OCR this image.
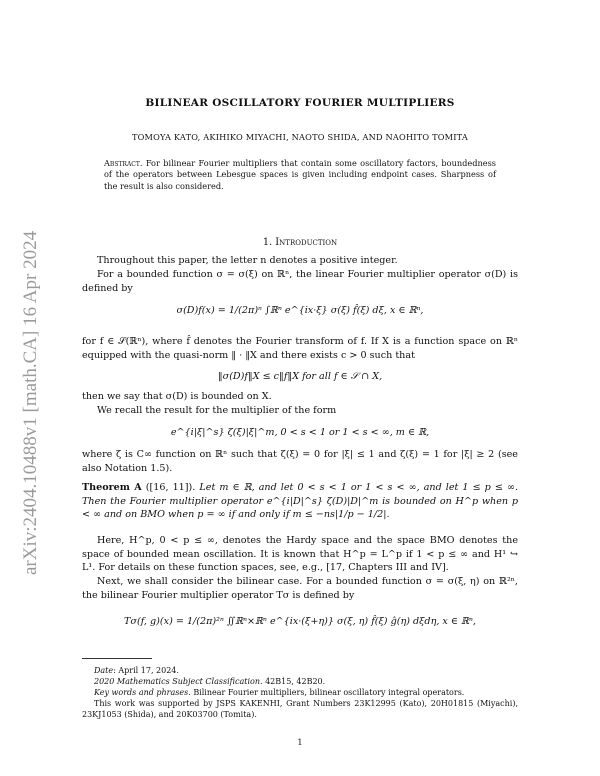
arXiv:2404.10488v1 [math.CA] 16 Apr 2024
BILINEAR OSCILLATORY FOURIER MULTIPLIERS
TOMOYA KATO, AKIHIKO MIYACHI, NAOTO SHIDA, AND NAOHITO TOMITA
Abstract. For bilinear Fourier multipliers that contain some oscillatory factors, boundedness of the operators between Lebesgue spaces is given including endpoint cases. Sharpness of the result is also considered.
1. Introduction
Throughout this paper, the letter n denotes a positive integer.
For a bounded function σ = σ(ξ) on ℝⁿ, the linear Fourier multiplier operator σ(D) is defined by
σ(D)f(x) = 1/(2π)ⁿ ∫ℝⁿ e^{ix·ξ} σ(ξ) f̂(ξ) dξ, x ∈ ℝⁿ,
for f ∈ 𝒮(ℝⁿ), where f̂ denotes the Fourier transform of f. If X is a function space on ℝⁿ equipped with the quasi-norm ‖ · ‖X and there exists c > 0 such that
‖σ(D)f‖X ≤ c‖f‖X for all f ∈ 𝒮 ∩ X,
then we say that σ(D) is bounded on X.
We recall the result for the multiplier of the form
e^{i|ξ|^s} ζ(ξ)|ξ|^m, 0 < s < 1 or 1 < s < ∞, m ∈ ℝ,
where ζ is C∞ function on ℝⁿ such that ζ(ξ) = 0 for |ξ| ≤ 1 and ζ(ξ) = 1 for |ξ| ≥ 2 (see also Notation 1.5).
Theorem A ([16, 11]). Let m ∈ ℝ, and let 0 < s < 1 or 1 < s < ∞, and let 1 ≤ p ≤ ∞. Then the Fourier multiplier operator e^{i|D|^s} ζ(D)|D|^m is bounded on H^p when p < ∞ and on BMO when p = ∞ if and only if m ≤ −ns|1/p − 1/2|.
Here, H^p, 0 < p ≤ ∞, denotes the Hardy space and the space BMO denotes the space of bounded mean oscillation. It is known that H^p = L^p if 1 < p ≤ ∞ and H¹ ↪ L¹. For details on these function spaces, see, e.g., [17, Chapters III and IV].
Next, we shall consider the bilinear case. For a bounded function σ = σ(ξ, η) on ℝ²ⁿ, the bilinear Fourier multiplier operator Tσ is defined by
Tσ(f, g)(x) = 1/(2π)²ⁿ ∬ℝⁿ×ℝⁿ e^{ix·(ξ+η)} σ(ξ, η) f̂(ξ) ĝ(η) dξdη, x ∈ ℝⁿ,
Date: April 17, 2024.
2020 Mathematics Subject Classification. 42B15, 42B20.
Key words and phrases. Bilinear Fourier multipliers, bilinear oscillatory integral operators.
This work was supported by JSPS KAKENHI, Grant Numbers 23K12995 (Kato), 20H01815 (Miyachi), 23KJ1053 (Shida), and 20K03700 (Tomita).
1
